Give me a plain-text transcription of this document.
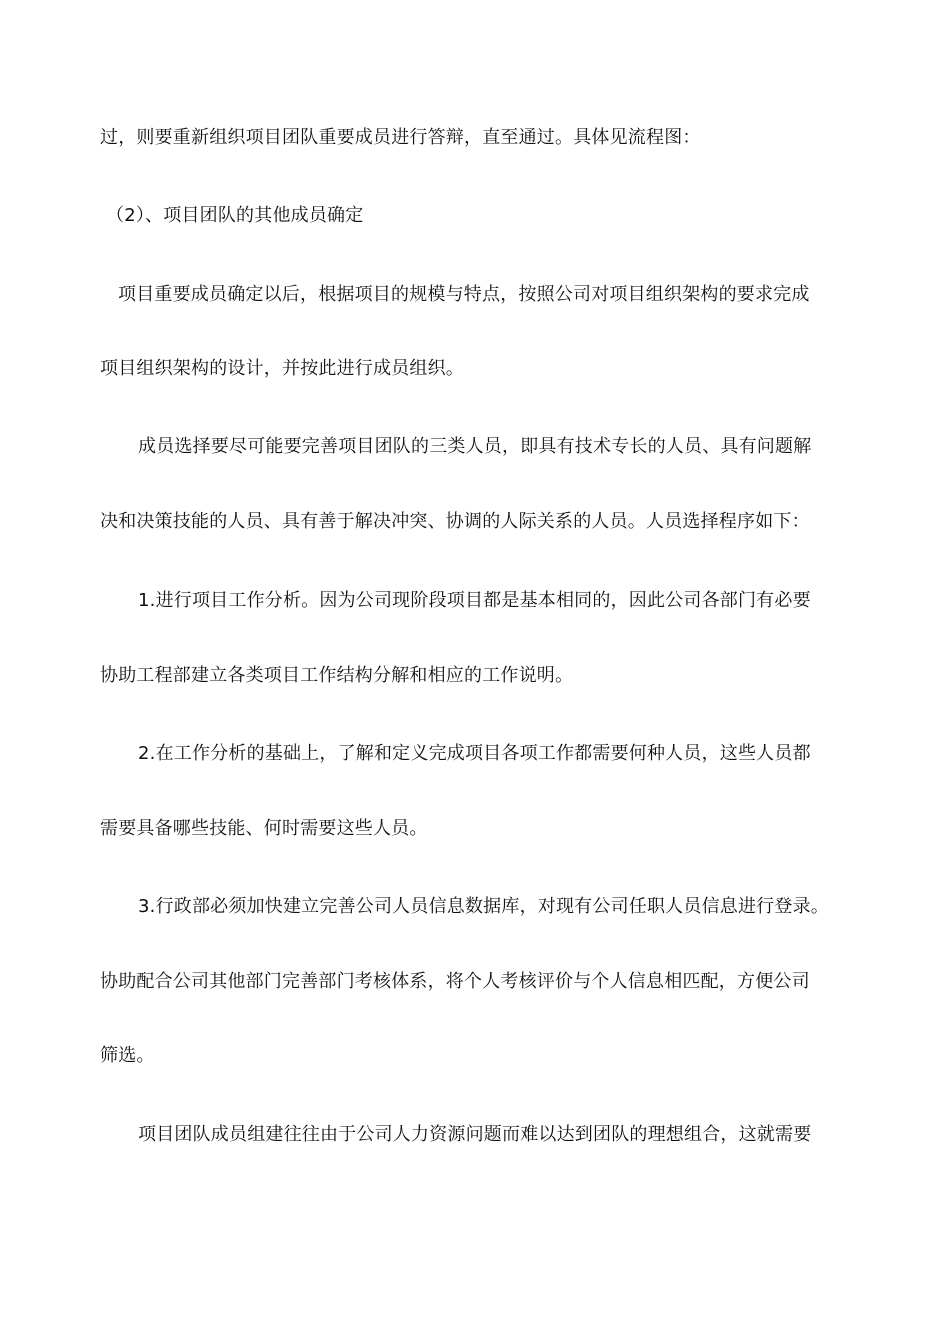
过，则要重新组织项目团队重要成员进行答辩，直至通过。具体见流程图：
（2）、项目团队的其他成员确定
项目重要成员确定以后，根据项目的规模与特点，按照公司对项目组织架构的要求完成
项目组织架构的设计，并按此进行成员组织。
成员选择要尽可能要完善项目团队的三类人员，即具有技术专长的人员、具有问题解
决和决策技能的人员、具有善于解决冲突、协调的人际关系的人员。人员选择程序如下：
1.进行项目工作分析。因为公司现阶段项目都是基本相同的，因此公司各部门有必要
协助工程部建立各类项目工作结构分解和相应的工作说明。
2.在工作分析的基础上，了解和定义完成项目各项工作都需要何种人员，这些人员都
需要具备哪些技能、何时需要这些人员。
3.行政部必须加快建立完善公司人员信息数据库，对现有公司任职人员信息进行登录。
协助配合公司其他部门完善部门考核体系，将个人考核评价与个人信息相匹配，方便公司
筛选。
项目团队成员组建往往由于公司人力资源问题而难以达到团队的理想组合，这就需要
